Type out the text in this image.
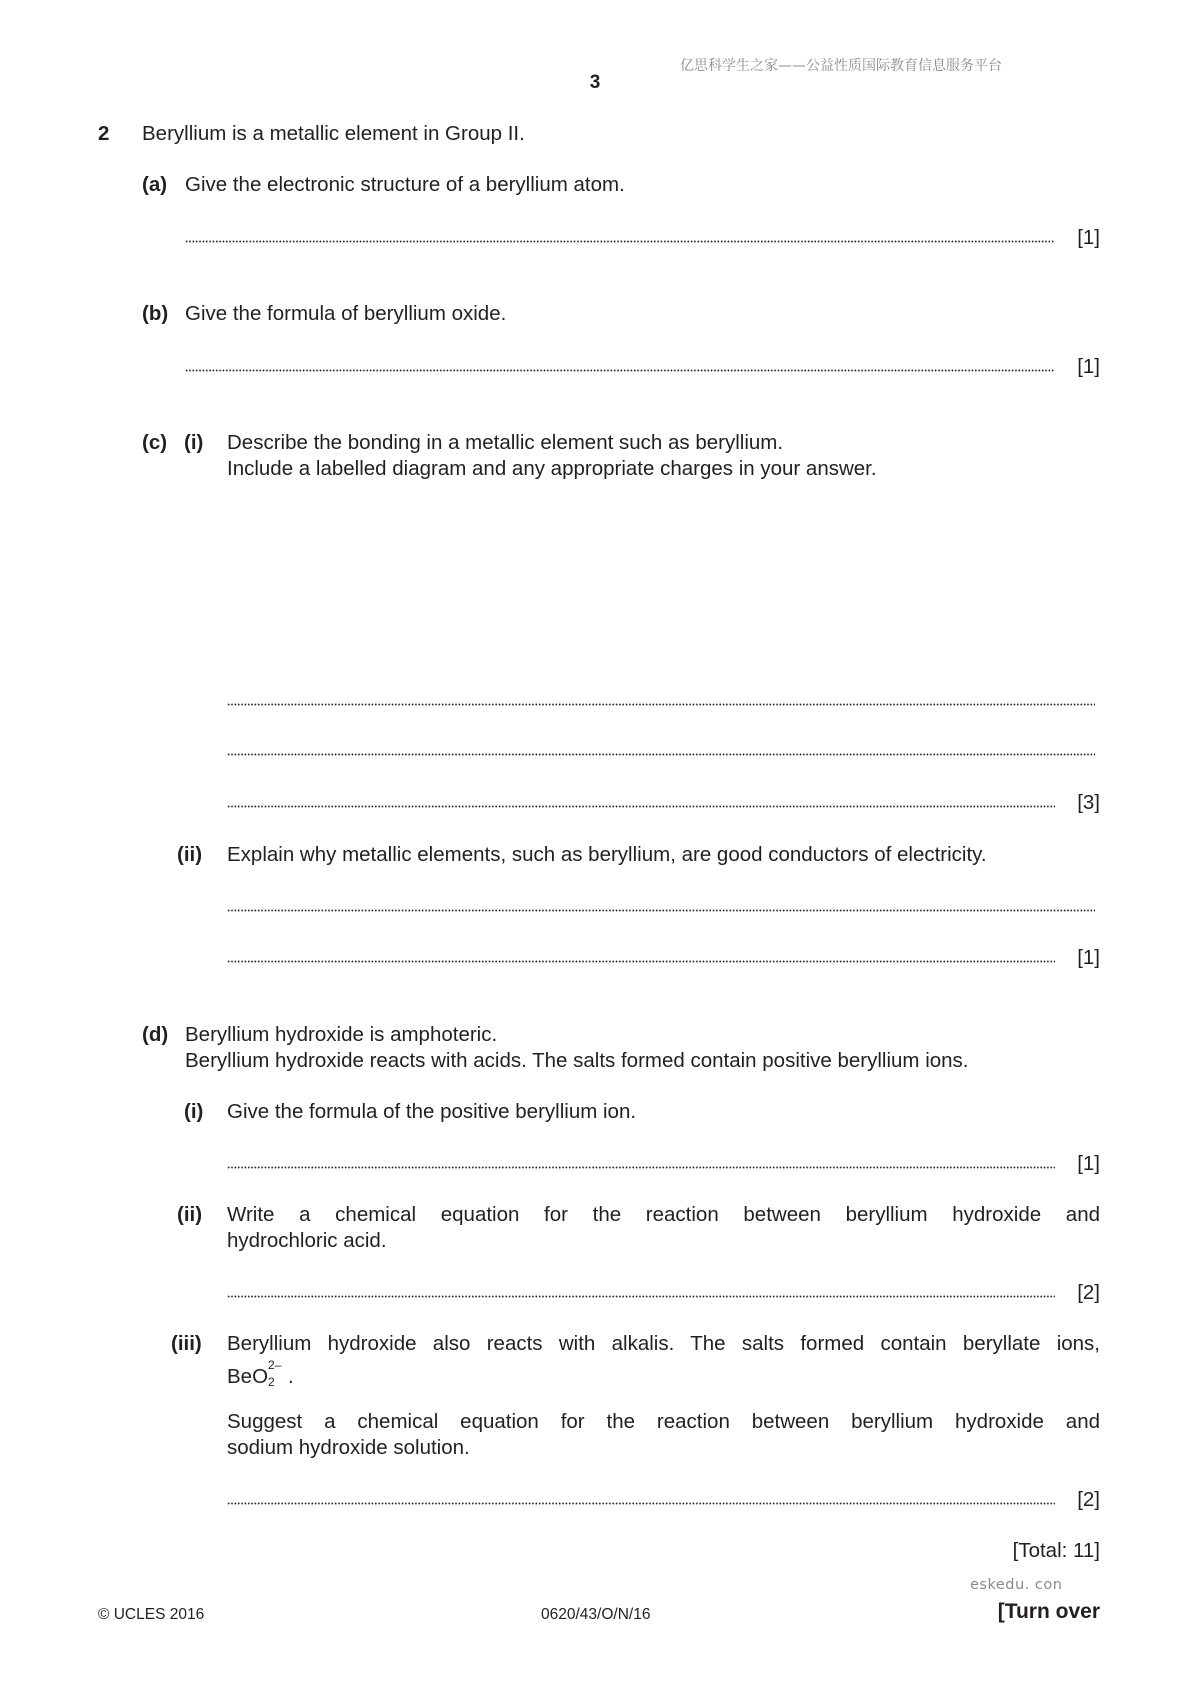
亿思科学生之家——公益性质国际教育信息服务平台
3
2 Beryllium is a metallic element in Group II.
(a) Give the electronic structure of a beryllium atom.
[1]
(b) Give the formula of beryllium oxide.
[1]
(c) (i) Describe the bonding in a metallic element such as beryllium.
Include a labelled diagram and any appropriate charges in your answer.
[3]
(ii) Explain why metallic elements, such as beryllium, are good conductors of electricity.
[1]
(d) Beryllium hydroxide is amphoteric.
Beryllium hydroxide reacts with acids. The salts formed contain positive beryllium ions.
(i) Give the formula of the positive beryllium ion.
[1]
(ii) Write a chemical equation for the reaction between beryllium hydroxide and
hydrochloric acid.
[2]
(iii) Beryllium hydroxide also reacts with alkalis. The salts formed contain beryllate ions,
BeO 2–
2 .
Suggest a chemical equation for the reaction between beryllium hydroxide and
sodium hydroxide solution.
[2]
[Total: 11]
eskedu. con
© UCLES 2016	0620/43/O/N/16	[Turn over
